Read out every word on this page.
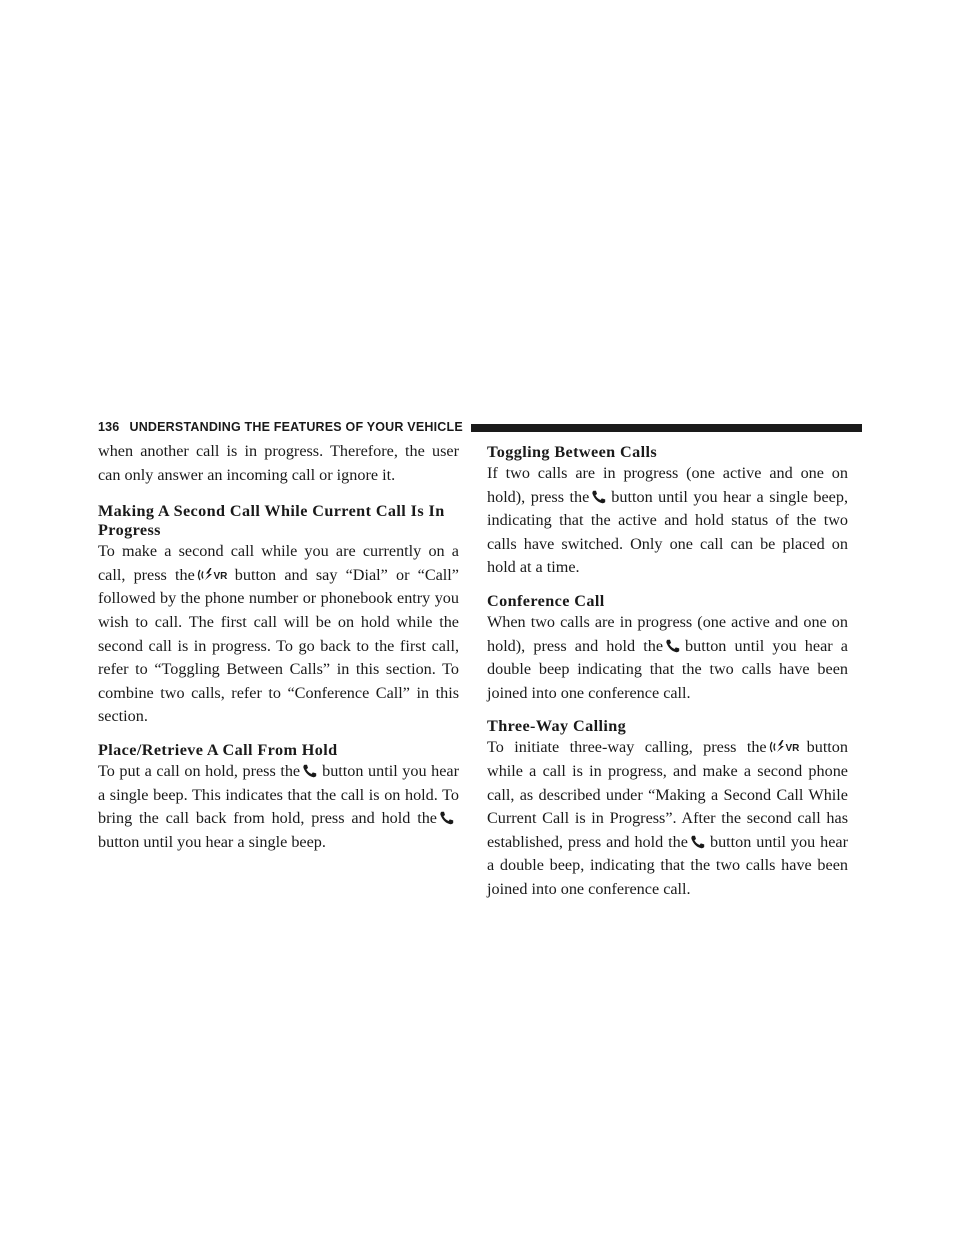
136 UNDERSTANDING THE FEATURES OF YOUR VEHICLE

when another call is in progress. Therefore, the user can only answer an incoming call or ignore it.

Making A Second Call While Current Call Is In Progress

To make a second call while you are currently on a call, press the VR button and say “Dial” or “Call” followed by the phone number or phonebook entry you wish to call. The first call will be on hold while the second call is in progress. To go back to the first call, refer to “Toggling Between Calls” in this section. To combine two calls, refer to “Conference Call” in this section.

Place/Retrieve A Call From Hold

To put a call on hold, press the button until you hear a single beep. This indicates that the call is on hold. To bring the call back from hold, press and hold the
button until you hear a single beep.

Toggling Between Calls

If two calls are in progress (one active and one on hold), press the button until you hear a single beep, indicating that the active and hold status of the two calls have switched. Only one call can be placed on hold at a time.

Conference Call

When two calls are in progress (one active and one on hold), press and hold the button until you hear a double beep indicating that the two calls have been joined into one conference call.

Three-Way Calling

To initiate three-way calling, press the VR button while a call is in progress, and make a second phone call, as described under “Making a Second Call While Current Call is in Progress”. After the second call has established, press and hold the button until you hear a double beep, indicating that the two calls have been joined into one conference call.
